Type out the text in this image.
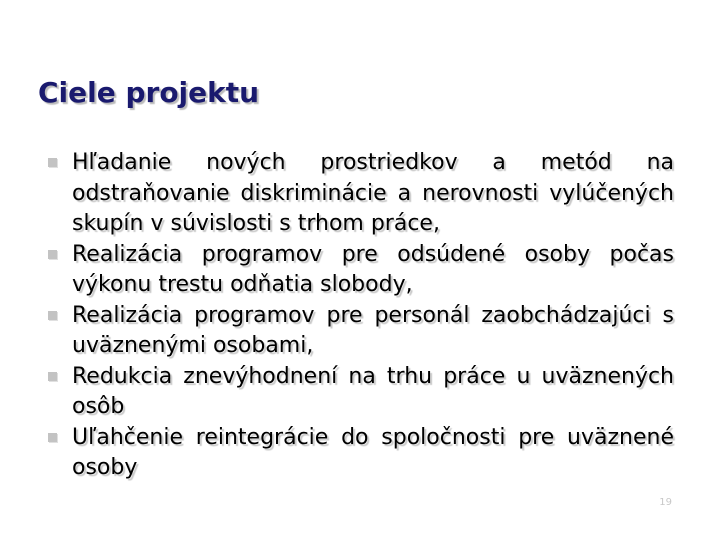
Ciele projektu
Hľadanie nových prostriedkov a metód na odstraňovanie diskriminácie a nerovnosti vylúčených skupín v súvislosti s trhom práce,
Realizácia programov pre odsúdené osoby počas výkonu trestu odňatia slobody,
Realizácia programov pre personál zaobchádzajúci s uväznenými osobami,
Redukcia znevýhodnení na trhu práce u uväznených osôb
Uľahčenie reintegrácie do spoločnosti pre uväznené osoby
19
